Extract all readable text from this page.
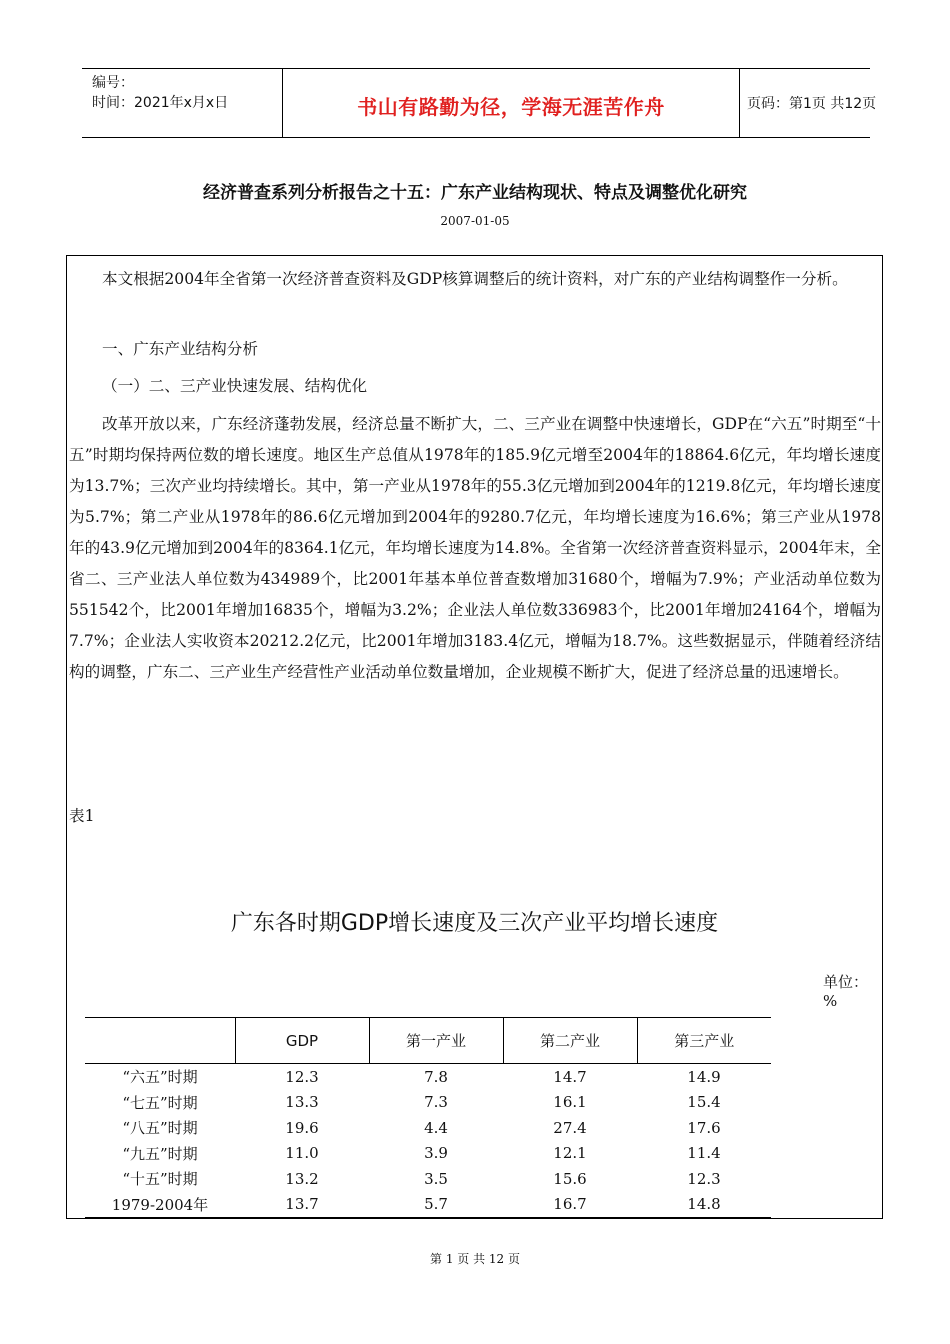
编号：
时间：2021年x月x日	书山有路勤为径，学海无涯苦作舟	页码：第1页 共12页
经济普查系列分析报告之十五：广东产业结构现状、特点及调整优化研究
2007-01-05
本文根据2004年全省第一次经济普查资料及GDP核算调整后的统计资料，对广东的产业结构调整作一分析。
一、广东产业结构分析
（一）二、三产业快速发展、结构优化
改革开放以来，广东经济蓬勃发展，经济总量不断扩大，二、三产业在调整中快速增长，GDP在“六五”时期至“十五”时期均保持两位数的增长速度。地区生产总值从1978年的185.9亿元增至2004年的18864.6亿元，年均增长速度为13.7%；三次产业均持续增长。其中，第一产业从1978年的55.3亿元增加到2004年的1219.8亿元，年均增长速度为5.7%；第二产业从1978年的86.6亿元增加到2004年的9280.7亿元，年均增长速度为16.6%；第三产业从1978年的43.9亿元增加到2004年的8364.1亿元，年均增长速度为14.8%。全省第一次经济普查资料显示，2004年末，全省二、三产业法人单位数为434989个，比2001年基本单位普查数增加31680个，增幅为7.9%；产业活动单位数为551542个，比2001年增加16835个，增幅为3.2%；企业法人单位数336983个，比2001年增加24164个，增幅为7.7%；企业法人实收资本20212.2亿元，比2001年增加3183.4亿元，增幅为18.7%。这些数据显示，伴随着经济结构的调整，广东二、三产业生产经营性产业活动单位数量增加，企业规模不断扩大，促进了经济总量的迅速增长。
表1
广东各时期GDP增长速度及三次产业平均增长速度
单位：%
	GDP	第一产业	第二产业	第三产业
“六五”时期	12.3	7.8	14.7	14.9
“七五”时期	13.3	7.3	16.1	15.4
“八五”时期	19.6	4.4	27.4	17.6
“九五”时期	11.0	3.9	12.1	11.4
“十五”时期	13.2	3.5	15.6	12.3
1979-2004年	13.7	5.7	16.7	14.8
第 1 页 共 12 页
